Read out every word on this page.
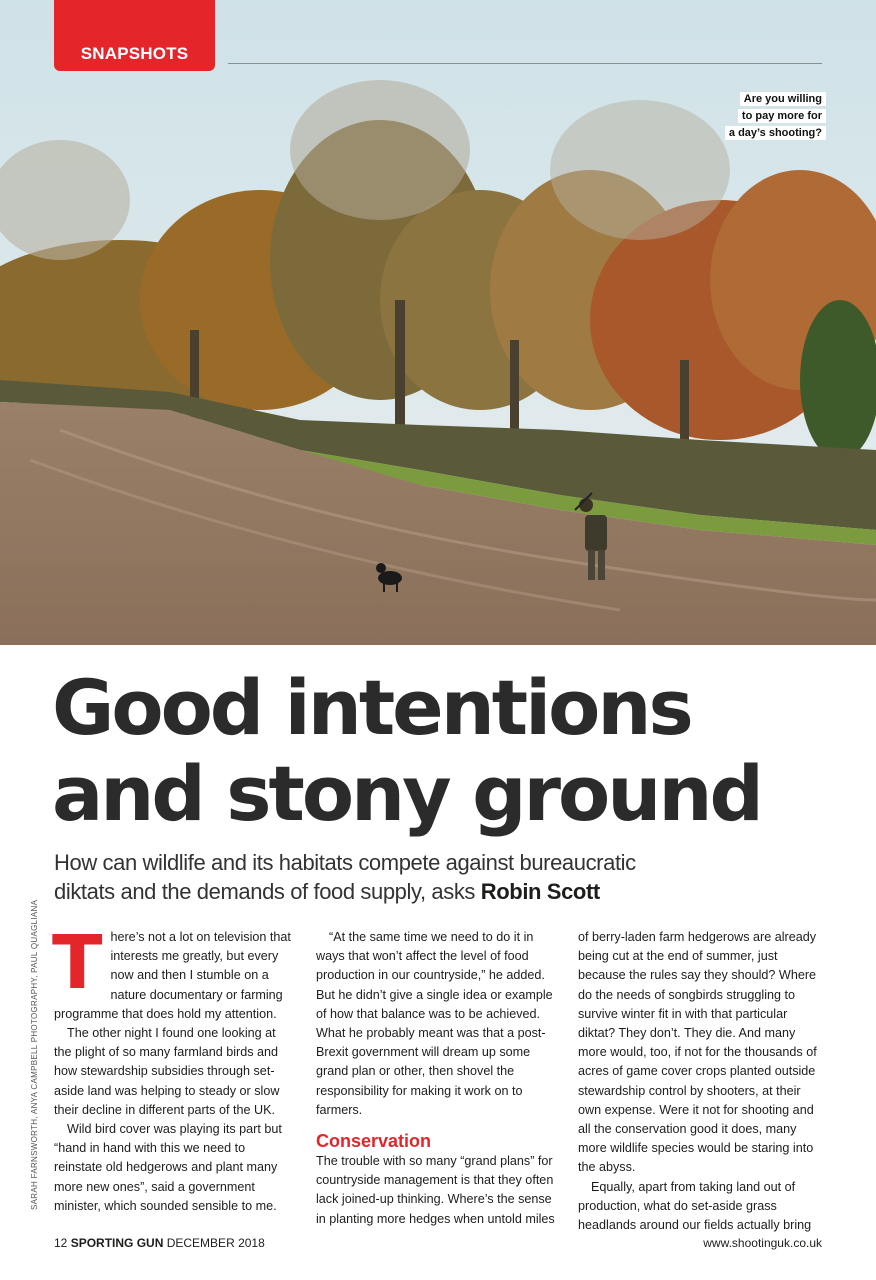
SNAPSHOTS
Are you willing
to pay more for
a day’s shooting?
Good intentions
and stony ground

How can wildlife and its habitats compete against bureaucratic diktats and the demands of food supply, asks Robin Scott

SARAH FARNSWORTH, ANYA CAMPBELL PHOTOGRAPHY, PAUL QUAGLIANA T here’s not a lot on television that interests me greatly, but every now and then I stumble on a nature documentary or farming programme that does hold my attention.

The other night I found one looking at the plight of so many farmland birds and how stewardship subsidies through set-aside land was helping to steady or slow their decline in different parts of the UK.

Wild bird cover was playing its part but “hand in hand with this we need to reinstate old hedgerows and plant many more new ones”, said a government minister, which sounded sensible to me.

“At the same time we need to do it in ways that won’t affect the level of food production in our countryside,” he added. But he didn’t give a single idea or example of how that balance was to be achieved. What he probably meant was that a post-Brexit government will dream up some grand plan or other, then shovel the responsibility for making it work on to farmers.

Conservation

The trouble with so many “grand plans” for countryside management is that they often lack joined-up thinking. Where’s the sense in planting more hedges when untold miles

of berry-laden farm hedgerows are already being cut at the end of summer, just because the rules say they should? Where do the needs of songbirds struggling to survive winter fit in with that particular diktat? They don’t. They die. And many more would, too, if not for the thousands of acres of game cover crops planted outside stewardship control by shooters, at their own expense. Were it not for shooting and all the conservation good it does, many more wildlife species would be staring into the abyss.

Equally, apart from taking land out of production, what do set-aside grass headlands around our fields actually bring

12 SPORTING GUN DECEMBER 2018	www.shootinguk.co.uk
